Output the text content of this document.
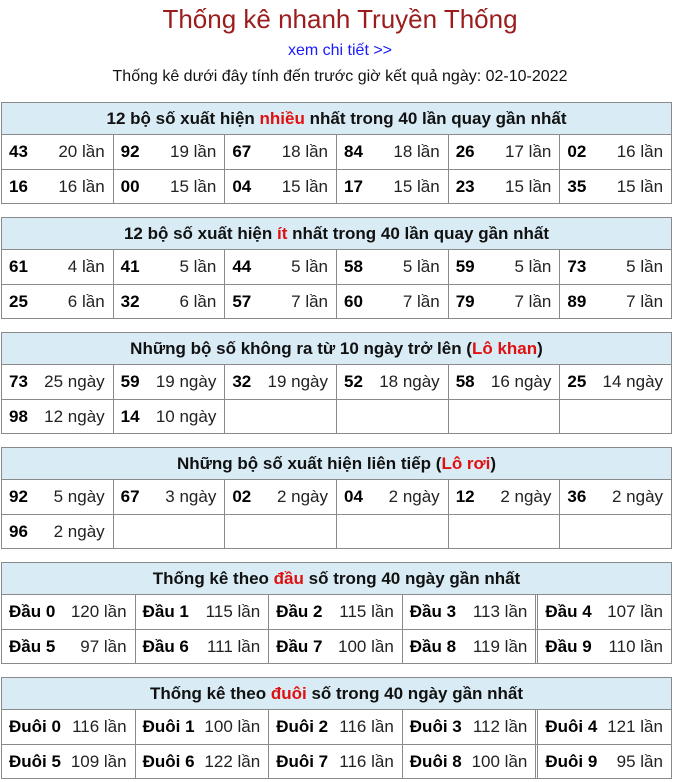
Thống kê nhanh Truyền Thống
xem chi tiết >>
Thống kê dưới đây tính đến trước giờ kết quả ngày: 02-10-2022
12 bộ số xuất hiện nhiều nhất trong 40 lần quay gần nhất
43 20 lần 92 19 lần 67 18 lần 84 18 lần 26 17 lần 02 16 lần
16 16 lần 00 15 lần 04 15 lần 17 15 lần 23 15 lần 35 15 lần
12 bộ số xuất hiện ít nhất trong 40 lần quay gần nhất
61 4 lần 41 5 lần 44 5 lần 58 5 lần 59 5 lần 73 5 lần
25 6 lần 32 6 lần 57 7 lần 60 7 lần 79 7 lần 89 7 lần
Những bộ số không ra từ 10 ngày trở lên (Lô khan)
73 25 ngày 59 19 ngày 32 19 ngày 52 18 ngày 58 16 ngày 25 14 ngày
98 12 ngày 14 10 ngày
Những bộ số xuất hiện liên tiếp (Lô rơi)
92 5 ngày 67 3 ngày 02 2 ngày 04 2 ngày 12 2 ngày 36 2 ngày
96 2 ngày
Thống kê theo đầu số trong 40 ngày gần nhất
Đầu 0 120 lần Đầu 1 115 lần Đầu 2 115 lần Đầu 3 113 lần Đầu 4 107 lần
Đầu 5 97 lần Đầu 6 111 lần Đầu 7 100 lần Đầu 8 119 lần Đầu 9 110 lần
Thống kê theo đuôi số trong 40 ngày gần nhất
Đuôi 0 116 lần Đuôi 1 100 lần Đuôi 2 116 lần Đuôi 3 112 lần Đuôi 4 121 lần
Đuôi 5 109 lần Đuôi 6 122 lần Đuôi 7 116 lần Đuôi 8 100 lần Đuôi 9 95 lần
